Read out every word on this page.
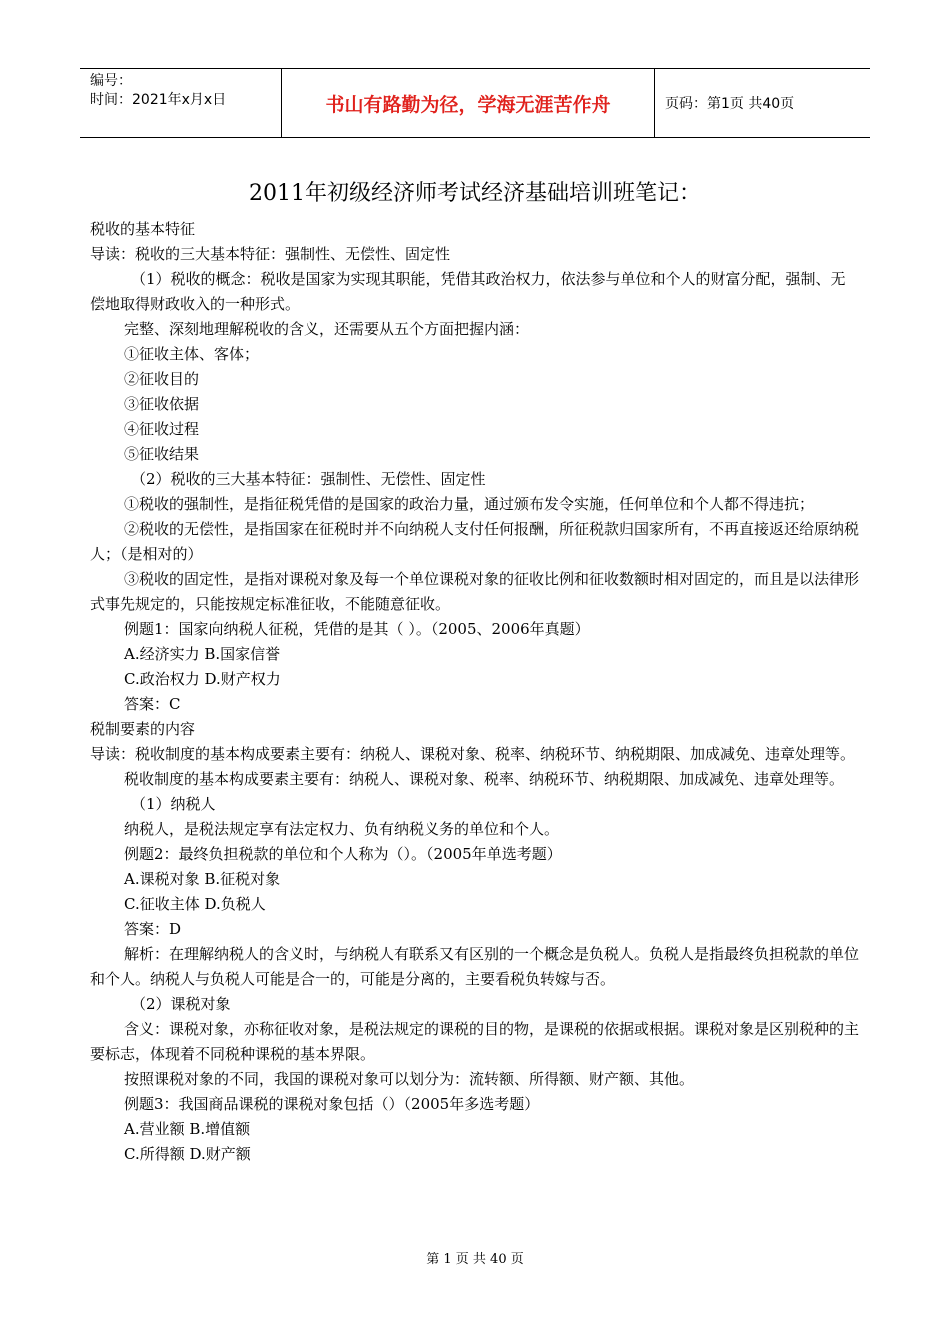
编号：
时间：2021年x月x日	书山有路勤为径，学海无涯苦作舟	页码：第1页 共40页
2011年初级经济师考试经济基础培训班笔记：

税收的基本特征

导读：税收的三大基本特征：强制性、无偿性、固定性

（1）税收的概念：税收是国家为实现其职能，凭借其政治权力，依法参与单位和个人的财富分配，强制、无偿地取得财政收入的一种形式。

完整、深刻地理解税收的含义，还需要从五个方面把握内涵：

①征收主体、客体；

②征收目的

③征收依据

④征收过程

⑤征收结果

（2）税收的三大基本特征：强制性、无偿性、固定性

①税收的强制性，是指征税凭借的是国家的政治力量，通过颁布发令实施，任何单位和个人都不得违抗；

②税收的无偿性，是指国家在征税时并不向纳税人支付任何报酬，所征税款归国家所有，不再直接返还给原纳税人；（是相对的）

③税收的固定性，是指对课税对象及每一个单位课税对象的征收比例和征收数额时相对固定的，而且是以法律形式事先规定的，只能按规定标准征收，不能随意征收。

例题1：国家向纳税人征税，凭借的是其（ ）。（2005、2006年真题）

A.经济实力 B.国家信誉

C.政治权力 D.财产权力

答案：C

税制要素的内容

导读：税收制度的基本构成要素主要有：纳税人、课税对象、税率、纳税环节、纳税期限、加成减免、违章处理等。

税收制度的基本构成要素主要有：纳税人、课税对象、税率、纳税环节、纳税期限、加成减免、违章处理等。

（1）纳税人

纳税人，是税法规定享有法定权力、负有纳税义务的单位和个人。

例题2：最终负担税款的单位和个人称为（）。（2005年单选考题）

A.课税对象 B.征税对象

C.征收主体 D.负税人

答案：D

解析：在理解纳税人的含义时，与纳税人有联系又有区别的一个概念是负税人。负税人是指最终负担税款的单位和个人。纳税人与负税人可能是合一的，可能是分离的，主要看税负转嫁与否。

（2）课税对象

含义：课税对象，亦称征收对象，是税法规定的课税的目的物，是课税的依据或根据。课税对象是区别税种的主要标志，体现着不同税种课税的基本界限。

按照课税对象的不同，我国的课税对象可以划分为：流转额、所得额、财产额、其他。

例题3：我国商品课税的课税对象包括（）（2005年多选考题）

A.营业额 B.增值额

C.所得额 D.财产额

第 1 页 共 40 页
